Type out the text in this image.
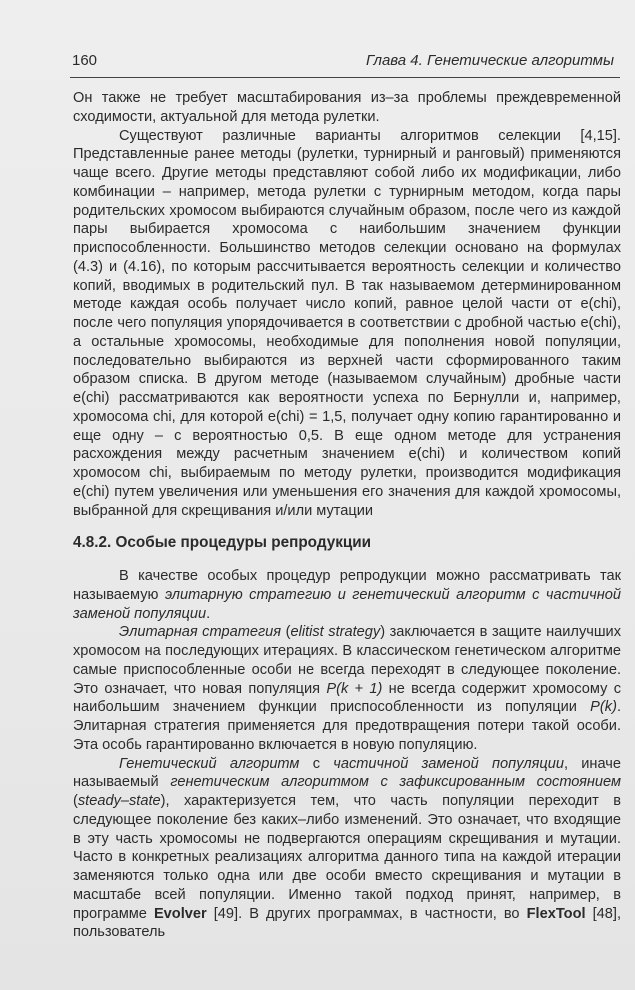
160	Глава 4. Генетические алгоритмы

Он также не требует масштабирования из–за проблемы преждевременной сходимости, актуальной для метода рулетки.

Существуют различные варианты алгоритмов селекции [4,15]. Представленные ранее методы (рулетки, турнирный и ранговый) применяются чаще всего. Другие методы представляют собой либо их модификации, либо комбинации – например, метода рулетки с турнирным методом, когда пары родительских хромосом выбираются случайным образом, после чего из каждой пары выбирается хромосома с наибольшим значением функции приспособленности. Большинство методов селекции основано на формулах (4.3) и (4.16), по которым рассчитывается вероятность селекции и количество копий, вводимых в родительский пул. В так называемом детерминированном методе каждая особь получает число копий, равное целой части от e(chi), после чего популяция упорядочивается в соответствии с дробной частью e(chi), а остальные хромосомы, необходимые для пополнения новой популяции, последовательно выбираются из верхней части сформированного таким образом списка. В другом методе (называемом случайным) дробные части e(chi) рассматриваются как вероятности успеха по Бернулли и, например, хромосома chi, для которой e(chi) = 1,5, получает одну копию гарантированно и еще одну – с вероятностью 0,5. В еще одном методе для устранения расхождения между расчетным значением e(chi) и количеством копий хромосом chi, выбираемым по методу рулетки, производится модификация e(chi) путем увеличения или уменьшения его значения для каждой хромосомы, выбранной для скрещивания и/или мутации

4.8.2. Особые процедуры репродукции

В качестве особых процедур репродукции можно рассматривать так называемую элитарную стратегию и генетический алгоритм с частичной заменой популяции.

Элитарная стратегия (elitist strategy) заключается в защите наилучших хромосом на последующих итерациях. В классическом генетическом алгоритме самые приспособленные особи не всегда переходят в следующее поколение. Это означает, что новая популяция P(k + 1) не всегда содержит хромосому с наибольшим значением функции приспособленности из популяции P(k). Элитарная стратегия применяется для предотвращения потери такой особи. Эта особь гарантированно включается в новую популяцию.

Генетический алгоритм с частичной заменой популяции, иначе называемый генетическим алгоритмом с зафиксированным состоянием (steady–state), характеризуется тем, что часть популяции переходит в следующее поколение без каких–либо изменений. Это означает, что входящие в эту часть хромосомы не подвергаются операциям скрещивания и мутации. Часто в конкретных реализациях алгоритма данного типа на каждой итерации заменяются только одна или две особи вместо скрещивания и мутации в масштабе всей популяции. Именно такой подход принят, например, в программе Evolver [49]. В других программах, в частности, во FlexTool [48], пользователь
